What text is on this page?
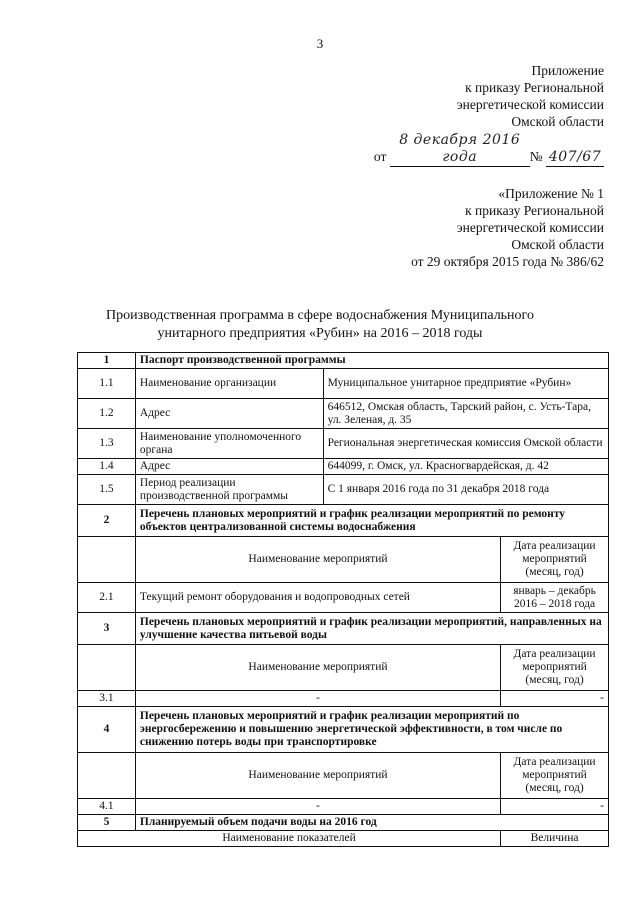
3
Приложение
к приказу Региональной
энергетической комиссии
Омской области
от 8 декабря 2016 года	№ 407/67
«Приложение № 1
к приказу Региональной
энергетической комиссии
Омской области
от 29 октября 2015 года № 386/62
Производственная программа в сфере водоснабжения Муниципального
унитарного предприятия «Рубин» на 2016 – 2018 годы
1	Паспорт производственной программы		
1.1	Наименование организации	Муниципальное унитарное предприятие «Рубин»	
1.2	Адрес	646512, Омская область, Тарский район, с. Усть-Тара, ул. Зеленая, д. 35	
1.3	Наименование уполномоченного органа	Региональная энергетическая комиссия Омской области	
1.4	Адрес	644099, г. Омск, ул. Красногвардейская, д. 42	
1.5	Период реализации производственной программы	С 1 января 2016 года по 31 декабря 2018 года	
2	Перечень плановых мероприятий и график реализации мероприятий по ремонту объектов централизованной системы водоснабжения		
	Наименование мероприятий		Дата реализации мероприятий (месяц, год)
2.1	Текущий ремонт оборудования и водопроводных сетей		январь – декабрь 2016 – 2018 года
3	Перечень плановых мероприятий и график реализации мероприятий, направленных на улучшение качества питьевой воды		
	Наименование мероприятий		Дата реализации мероприятий (месяц, год)
3.1	-		-
4	Перечень плановых мероприятий и график реализации мероприятий по энергосбережению и повышению энергетической эффективности, в том числе по снижению потерь воды при транспортировке		
	Наименование мероприятий		Дата реализации мероприятий (месяц, год)
4.1	-		-
5	Планируемый объем подачи воды на 2016 год		
Наименование показателей			Величина
